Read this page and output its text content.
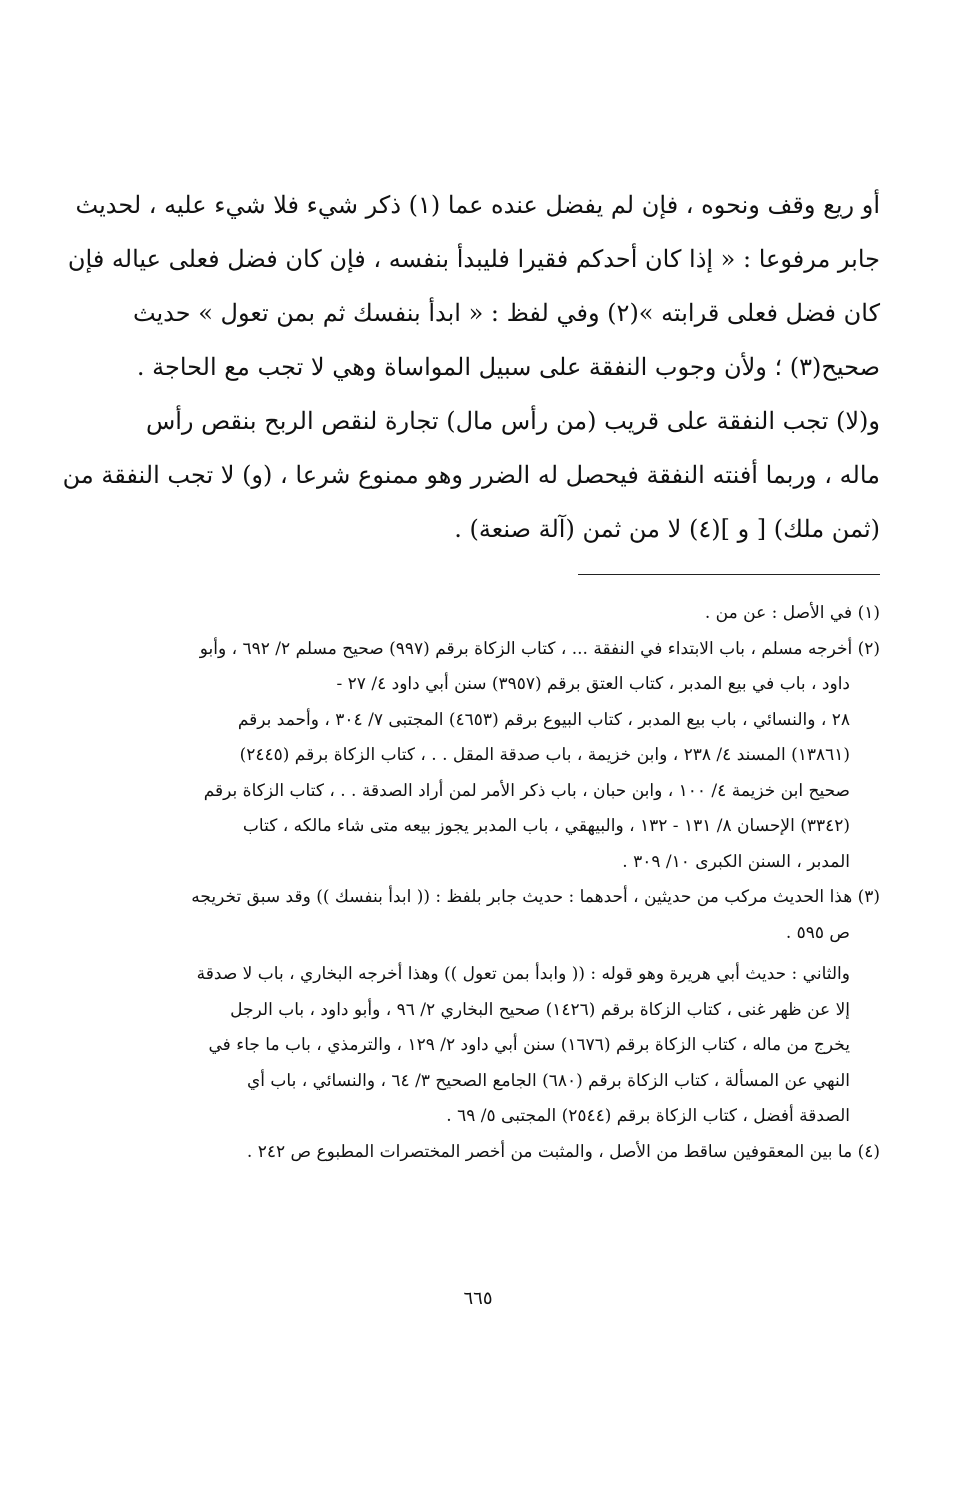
أو ريع وقف ونحوه ، فإن لم يفضل عنده عما (١) ذكر شيء فلا شيء عليه ، لحديث
جابر مرفوعا : « إذا كان أحدكم فقيرا فليبدأ بنفسه ، فإن كان فضل فعلى عياله فإن
كان فضل فعلى قرابته »(٢) وفي لفظ : « ابدأ بنفسك ثم بمن تعول » حديث
صحيح(٣) ؛ ولأن وجوب النفقة على سبيل المواساة وهي لا تجب مع الحاجة .
و(لا) تجب النفقة على قريب (من رأس مال) تجارة لنقص الربح بنقص رأس
ماله ، وربما أفنته النفقة فيحصل له الضرر وهو ممنوع شرعا ، (و) لا تجب النفقة من
(ثمن ملك) [ و ](٤) لا من ثمن (آلة صنعة) .
(١) في الأصل : عن من .
(٢) أخرجه مسلم ، باب الابتداء في النفقة ... ، كتاب الزكاة برقم (٩٩٧) صحيح مسلم ٢/ ٦٩٢ ، وأبو
داود ، باب في بيع المدبر ، كتاب العتق برقم (٣٩٥٧) سنن أبي داود ٤/ ٢٧ -
٢٨ ، والنسائي ، باب بيع المدبر ، كتاب البيوع برقم (٤٦٥٣) المجتبى ٧/ ٣٠٤ ، وأحمد برقم
(١٣٨٦١) المسند ٤/ ٢٣٨ ، وابن خزيمة ، باب صدقة المقل . . ، كتاب الزكاة برقم (٢٤٤٥)
صحيح ابن خزيمة ٤/ ١٠٠ ، وابن حبان ، باب ذكر الأمر لمن أراد الصدقة . . ، كتاب الزكاة برقم
(٣٣٤٢) الإحسان ٨/ ١٣١ - ١٣٢ ، والبيهقي ، باب المدبر يجوز بيعه متى شاء مالكه ، كتاب
المدبر ، السنن الكبرى ١٠/ ٣٠٩ .
(٣) هذا الحديث مركب من حديثين ، أحدهما : حديث جابر بلفظ : (( ابدأ بنفسك )) وقد سبق تخريجه
ص ٥٩٥ .
والثاني : حديث أبي هريرة وهو قوله : (( وابدأ بمن تعول )) وهذا أخرجه البخاري ، باب لا صدقة
إلا عن ظهر غنى ، كتاب الزكاة برقم (١٤٢٦) صحيح البخاري ٢/ ٩٦ ، وأبو داود ، باب الرجل
يخرج من ماله ، كتاب الزكاة برقم (١٦٧٦) سنن أبي داود ٢/ ١٢٩ ، والترمذي ، باب ما جاء في
النهي عن المسألة ، كتاب الزكاة برقم (٦٨٠) الجامع الصحيح ٣/ ٦٤ ، والنسائي ، باب أي
الصدقة أفضل ، كتاب الزكاة برقم (٢٥٤٤) المجتبى ٥/ ٦٩ .
(٤) ما بين المعقوفين ساقط من الأصل ، والمثبت من أخصر المختصرات المطبوع ص ٢٤٢ .
٦٦٥
